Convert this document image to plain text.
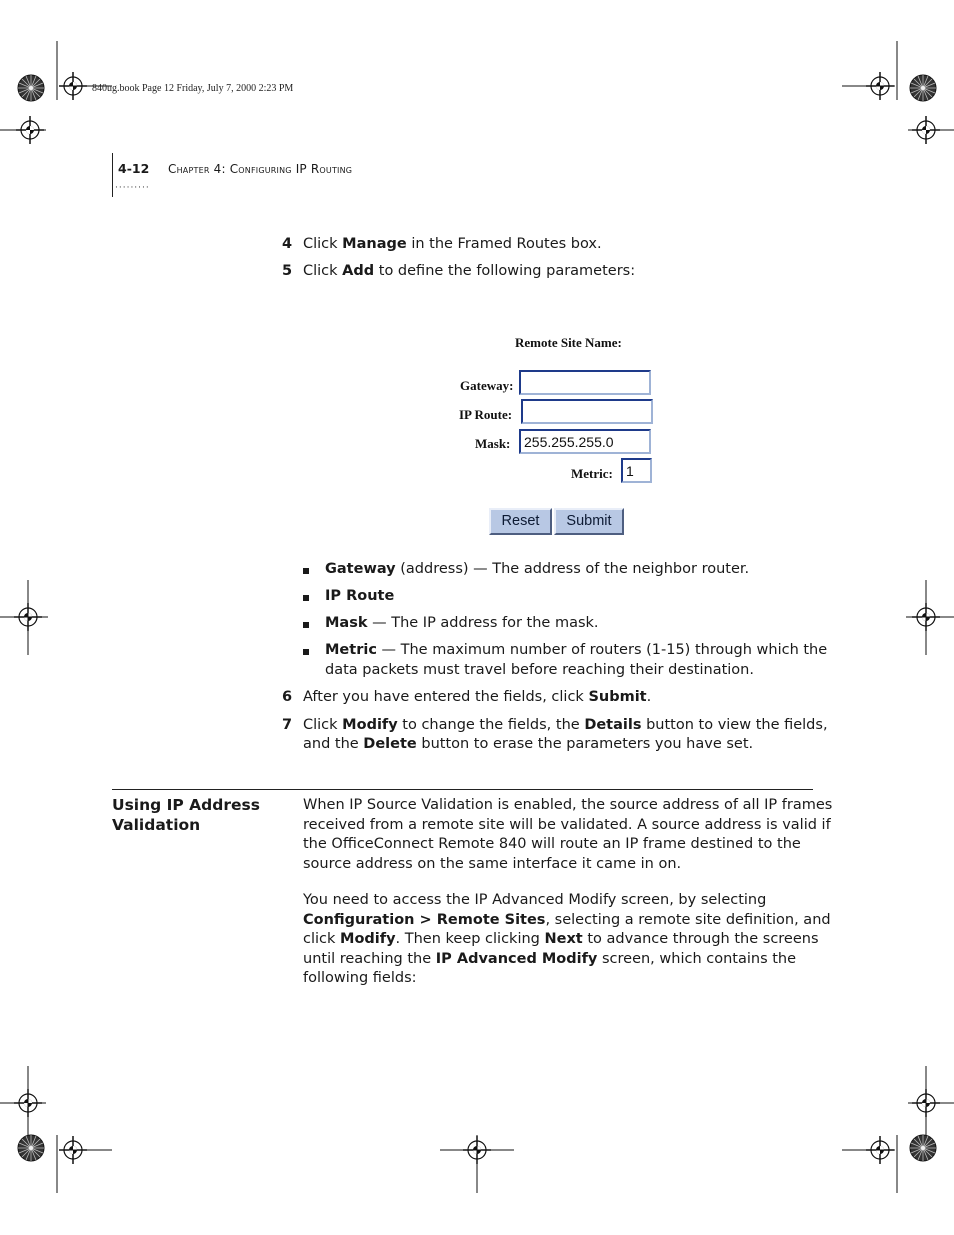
840ug.book Page 12 Friday, July 7, 2000 2:23 PM
4-12
·········
Chapter 4: Configuring IP Routing
4 Click Manage in the Framed Routes box.
5 Click Add to define the following parameters:
Remote Site Name:
Gateway:
IP Route:
Mask: 255.255.255.0
Metric: 1
Reset	Submit
Gateway (address) — The address of the neighbor router.
IP Route
Mask — The IP address for the mask.
Metric — The maximum number of routers (1-15) through which the
data packets must travel before reaching their destination.
6 After you have entered the fields, click Submit.
7 Click Modify to change the fields, the Details button to view the fields,
and the Delete button to erase the parameters you have set.
Using IP Address
Validation
When IP Source Validation is enabled, the source address of all IP frames
received from a remote site will be validated. A source address is valid if
the OfficeConnect Remote 840 will route an IP frame destined to the
source address on the same interface it came in on.
You need to access the IP Advanced Modify screen, by selecting
Configuration > Remote Sites, selecting a remote site definition, and
click Modify. Then keep clicking Next to advance through the screens
until reaching the IP Advanced Modify screen, which contains the
following fields:
